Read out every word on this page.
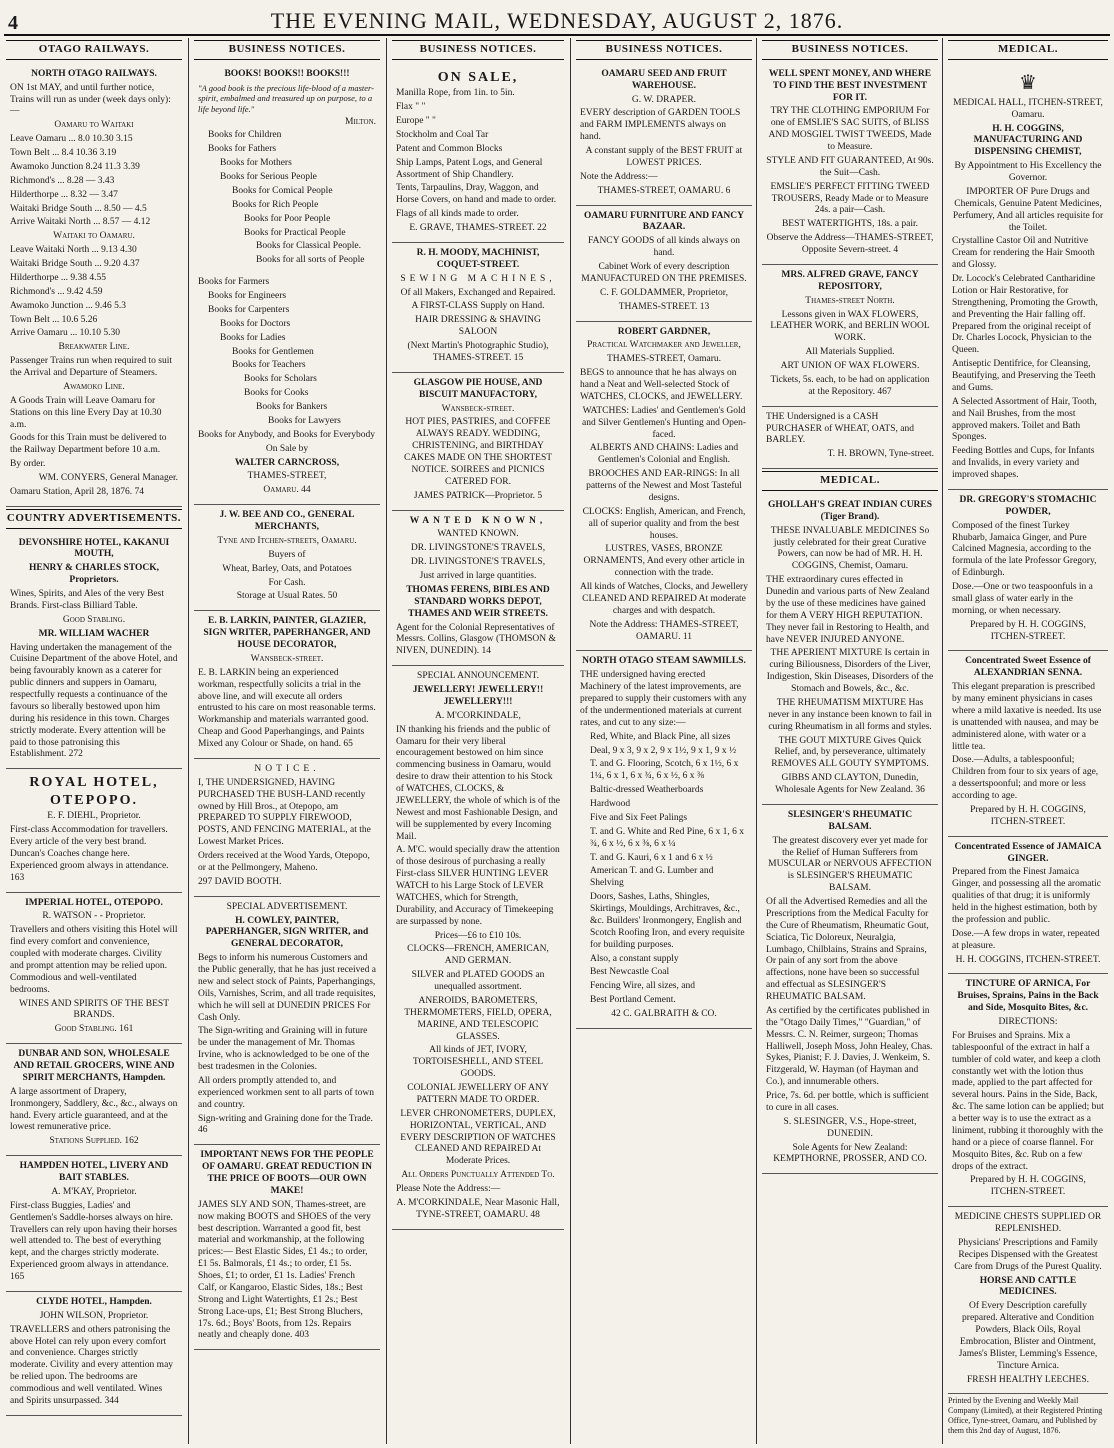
4	THE EVENING MAIL, WEDNESDAY, AUGUST 2, 1876.
OTAGO RAILWAYS.

NORTH OTAGO RAILWAYS.

ON 1st MAY, and until further notice, Trains will run as under (week days only):—

Oamaru to Waitaki

Leave Oamaru ... 8.0 10.30 3.15

Town Belt ... 8.4 10.36 3.19

Awamoko Junction 8.24 11.3 3.39

Richmond's ... 8.28 — 3.43

Hilderthorpe ... 8.32 — 3.47

Waitaki Bridge South ... 8.50 — 4.5

Arrive Waitaki North ... 8.57 — 4.12

Waitaki to Oamaru.

Leave Waitaki North ... 9.13 4.30

Waitaki Bridge South ... 9.20 4.37

Hilderthorpe ... 9.38 4.55

Richmond's ... 9.42 4.59

Awamoko Junction ... 9.46 5.3

Town Belt ... 10.6 5.26

Arrive Oamaru ... 10.10 5.30

Breakwater Line.

Passenger Trains run when required to suit the Arrival and Departure of Steamers.

Awamoko Line.

A Goods Train will Leave Oamaru for Stations on this line Every Day at 10.30 a.m.

Goods for this Train must be delivered to the Railway Department before 10 a.m.

By order.

WM. CONYERS, General Manager.

Oamaru Station, April 28, 1876. 74

COUNTRY ADVERTISEMENTS.

DEVONSHIRE HOTEL, KAKANUI MOUTH,

HENRY & CHARLES STOCK, Proprietors.

Wines, Spirits, and Ales of the very Best Brands. First-class Billiard Table.

Good Stabling.

MR. WILLIAM WACHER

Having undertaken the management of the Cuisine Department of the above Hotel, and being favourably known as a caterer for public dinners and suppers in Oamaru, respectfully requests a continuance of the favours so liberally bestowed upon him during his residence in this town. Charges strictly moderate. Every attention will be paid to those patronising this Establishment. 272

ROYAL HOTEL, OTEPOPO.

E. F. DIEHL, Proprietor.

First-class Accommodation for travellers. Every article of the very best brand. Duncan's Coaches change here. Experienced groom always in attendance. 163

IMPERIAL HOTEL, OTEPOPO.

R. WATSON - - Proprietor.

Travellers and others visiting this Hotel will find every comfort and convenience, coupled with moderate charges. Civility and prompt attention may be relied upon. Commodious and well-ventilated bedrooms.

WINES AND SPIRITS OF THE BEST BRANDS.

Good Stabling. 161

DUNBAR AND SON, WHOLESALE AND RETAIL GROCERS, WINE AND SPIRIT MERCHANTS, Hampden.

A large assortment of Drapery, Ironmongery, Saddlery, &c., &c., always on hand. Every article guaranteed, and at the lowest remunerative price.

Stations Supplied. 162

HAMPDEN HOTEL, LIVERY AND BAIT STABLES.

A. M'KAY, Proprietor.

First-class Buggies, Ladies' and Gentlemen's Saddle-horses always on hire. Travellers can rely upon having their horses well attended to. The best of everything kept, and the charges strictly moderate. Experienced groom always in attendance. 165

CLYDE HOTEL, Hampden.

JOHN WILSON, Proprietor.

TRAVELLERS and others patronising the above Hotel can rely upon every comfort and convenience. Charges strictly moderate. Civility and every attention may be relied upon. The bedrooms are commodious and well ventilated. Wines and Spirits unsurpassed. 344

BUSINESS NOTICES.

BOOKS! BOOKS!! BOOKS!!!

"A good book is the precious life-blood of a master-spirit, embalmed and treasured up on purpose, to a life beyond life."

Milton.

Books for Children

Books for Fathers

Books for Mothers

Books for Serious People

Books for Comical People

Books for Rich People

Books for Poor People

Books for Practical People

Books for Classical People.

Books for all sorts of People

Books for Farmers

Books for Engineers

Books for Carpenters

Books for Doctors

Books for Ladies

Books for Gentlemen

Books for Teachers

Books for Scholars

Books for Cooks

Books for Bankers

Books for Lawyers

Books for Anybody, and Books for Everybody

On Sale by

WALTER CARNCROSS,

THAMES-STREET,

Oamaru. 44

J. W. BEE AND CO., GENERAL MERCHANTS,

Tyne and Itchen-streets, Oamaru.

Buyers of

Wheat, Barley, Oats, and Potatoes

For Cash.

Storage at Usual Rates. 50

E. B. LARKIN, PAINTER, GLAZIER, SIGN WRITER, PAPERHANGER, AND HOUSE DECORATOR,

Wansbeck-street.

E. B. LARKIN being an experienced workman, respectfully solicits a trial in the above line, and will execute all orders entrusted to his care on most reasonable terms. Workmanship and materials warranted good. Cheap and Good Paperhangings, and Paints Mixed any Colour or Shade, on hand. 65

NOTICE.

I, THE UNDERSIGNED, HAVING PURCHASED THE BUSH-LAND recently owned by Hill Bros., at Otepopo, am PREPARED TO SUPPLY FIREWOOD, POSTS, AND FENCING MATERIAL, at the Lowest Market Prices.

Orders received at the Wood Yards, Otepopo, or at the Pellmongery, Maheno.

297 DAVID BOOTH.

SPECIAL ADVERTISEMENT.

H. COWLEY, PAINTER, PAPERHANGER, SIGN WRITER, and GENERAL DECORATOR,

Begs to inform his numerous Customers and the Public generally, that he has just received a new and select stock of Paints, Paperhangings, Oils, Varnishes, Scrim, and all trade requisites, which he will sell at DUNEDIN PRICES For Cash Only.

The Sign-writing and Graining will in future be under the management of Mr. Thomas Irvine, who is acknowledged to be one of the best tradesmen in the Colonies.

All orders promptly attended to, and experienced workmen sent to all parts of town and country.

Sign-writing and Graining done for the Trade. 46

IMPORTANT NEWS FOR THE PEOPLE OF OAMARU. GREAT REDUCTION IN THE PRICE OF BOOTS—OUR OWN MAKE!

JAMES SLY AND SON, Thames-street, are now making BOOTS and SHOES of the very best description. Warranted a good fit, best material and workmanship, at the following prices:— Best Elastic Sides, £1 4s.; to order, £1 5s. Balmorals, £1 4s.; to order, £1 5s. Shoes, £1; to order, £1 1s. Ladies' French Calf, or Kangaroo, Elastic Sides, 18s.; Best Strong and Light Watertights, £1 2s.; Best Strong Lace-ups, £1; Best Strong Bluchers, 17s. 6d.; Boys' Boots, from 12s. Repairs neatly and cheaply done. 403

BUSINESS NOTICES.

ON SALE,

Manilla Rope, from 1in. to 5in.

Flax " "

Europe " "

Stockholm and Coal Tar

Patent and Common Blocks

Ship Lamps, Patent Logs, and General Assortment of Ship Chandlery.

Tents, Tarpaulins, Dray, Waggon, and Horse Covers, on hand and made to order.

Flags of all kinds made to order.

E. GRAVE, THAMES-STREET. 22

R. H. MOODY, MACHINIST, COQUET-STREET.

SEWING MACHINES,

Of all Makers, Exchanged and Repaired.

A FIRST-CLASS Supply on Hand.

HAIR DRESSING & SHAVING SALOON

(Next Martin's Photographic Studio), THAMES-STREET. 15

GLASGOW PIE HOUSE, AND BISCUIT MANUFACTORY,

Wansbeck-street.

HOT PIES, PASTRIES, and COFFEE ALWAYS READY. WEDDING, CHRISTENING, and BIRTHDAY CAKES MADE ON THE SHORTEST NOTICE. SOIREES and PICNICS CATERED FOR.

JAMES PATRICK—Proprietor. 5

WANTED KNOWN,

WANTED KNOWN.

DR. LIVINGSTONE'S TRAVELS,

DR. LIVINGSTONE'S TRAVELS,

Just arrived in large quantities.

THOMAS FERENS, BIBLES AND STANDARD WORKS DEPOT, THAMES AND WEIR STREETS.

Agent for the Colonial Representatives of Messrs. Collins, Glasgow (THOMSON & NIVEN, DUNEDIN). 14

SPECIAL ANNOUNCEMENT.

JEWELLERY! JEWELLERY!! JEWELLERY!!!

A. M'CORKINDALE,

IN thanking his friends and the public of Oamaru for their very liberal encouragement bestowed on him since commencing business in Oamaru, would desire to draw their attention to his Stock of WATCHES, CLOCKS, & JEWELLERY, the whole of which is of the Newest and most Fashionable Design, and will be supplemented by every Incoming Mail.

A. M'C. would specially draw the attention of those desirous of purchasing a really First-class SILVER HUNTING LEVER WATCH to his Large Stock of LEVER WATCHES, which for Strength, Durability, and Accuracy of Timekeeping are surpassed by none.

Prices—£6 to £10 10s.

CLOCKS—FRENCH, AMERICAN, AND GERMAN.

SILVER and PLATED GOODS an unequalled assortment.

ANEROIDS, BAROMETERS, THERMOMETERS, FIELD, OPERA, MARINE, AND TELESCOPIC GLASSES.

All kinds of JET, IVORY, TORTOISESHELL, AND STEEL GOODS.

COLONIAL JEWELLERY OF ANY PATTERN MADE TO ORDER.

LEVER CHRONOMETERS, DUPLEX, HORIZONTAL, VERTICAL, AND EVERY DESCRIPTION OF WATCHES CLEANED AND REPAIRED At Moderate Prices.

All Orders Punctually Attended To.

Please Note the Address:—

A. M'CORKINDALE, Near Masonic Hall, TYNE-STREET, OAMARU. 48

BUSINESS NOTICES.

OAMARU SEED AND FRUIT WAREHOUSE.

G. W. DRAPER.

EVERY description of GARDEN TOOLS and FARM IMPLEMENTS always on hand.

A constant supply of the BEST FRUIT at LOWEST PRICES.

Note the Address:—

THAMES-STREET, OAMARU. 6

OAMARU FURNITURE AND FANCY BAZAAR.

FANCY GOODS of all kinds always on hand.

Cabinet Work of every description MANUFACTURED ON THE PREMISES.

C. F. GOLDAMMER, Proprietor,

THAMES-STREET. 13

ROBERT GARDNER,

Practical Watchmaker and Jeweller,

THAMES-STREET, Oamaru.

BEGS to announce that he has always on hand a Neat and Well-selected Stock of WATCHES, CLOCKS, and JEWELLERY.

WATCHES: Ladies' and Gentlemen's Gold and Silver Gentlemen's Hunting and Open-faced.

ALBERTS AND CHAINS: Ladies and Gentlemen's Colonial and English.

BROOCHES AND EAR-RINGS: In all patterns of the Newest and Most Tasteful designs.

CLOCKS: English, American, and French, all of superior quality and from the best houses.

LUSTRES, VASES, BRONZE ORNAMENTS, And every other article in connection with the trade.

All kinds of Watches, Clocks, and Jewellery CLEANED AND REPAIRED At moderate charges and with despatch.

Note the Address: THAMES-STREET, OAMARU. 11

NORTH OTAGO STEAM SAWMILLS.

THE undersigned having erected Machinery of the latest improvements, are prepared to supply their customers with any of the undermentioned materials at current rates, and cut to any size:—

Red, White, and Black Pine, all sizes

Deal, 9 x 3, 9 x 2, 9 x 1½, 9 x 1, 9 x ½

T. and G. Flooring, Scotch, 6 x 1½, 6 x 1¼, 6 x 1, 6 x ¾, 6 x ½, 6 x ⅜

Baltic-dressed Weatherboards

Hardwood

Five and Six Feet Palings

T. and G. White and Red Pine, 6 x 1, 6 x ¾, 6 x ½, 6 x ⅜, 6 x ¼

T. and G. Kauri, 6 x 1 and 6 x ½

American T. and G. Lumber and Shelving

Doors, Sashes, Laths, Shingles, Skirtings, Mouldings, Architraves, &c., &c. Builders' Ironmongery, English and Scotch Roofing Iron, and every requisite for building purposes.

Also, a constant supply

Best Newcastle Coal

Fencing Wire, all sizes, and

Best Portland Cement.

42 C. GALBRAITH & CO.

BUSINESS NOTICES.

WELL SPENT MONEY, AND WHERE TO FIND THE BEST INVESTMENT FOR IT.

TRY THE CLOTHING EMPORIUM For one of EMSLIE'S SAC SUITS, of BLISS AND MOSGIEL TWIST TWEEDS, Made to Measure.

STYLE AND FIT GUARANTEED, At 90s. the Suit—Cash.

EMSLIE'S PERFECT FITTING TWEED TROUSERS, Ready Made or to Measure 24s. a pair—Cash.

BEST WATERTIGHTS, 18s. a pair.

Observe the Address—THAMES-STREET, Opposite Severn-street. 4

MRS. ALFRED GRAVE, FANCY REPOSITORY,

Thames-street North.

Lessons given in WAX FLOWERS, LEATHER WORK, and BERLIN WOOL WORK.

All Materials Supplied.

ART UNION OF WAX FLOWERS.

Tickets, 5s. each, to be had on application at the Repository. 467

THE Undersigned is a CASH PURCHASER of WHEAT, OATS, and BARLEY.

T. H. BROWN, Tyne-street.

MEDICAL.

GHOLLAH'S GREAT INDIAN CURES (Tiger Brand).

THESE INVALUABLE MEDICINES So justly celebrated for their great Curative Powers, can now be had of MR. H. H. COGGINS, Chemist, Oamaru.

THE extraordinary cures effected in Dunedin and various parts of New Zealand by the use of these medicines have gained for them A VERY HIGH REPUTATION. They never fail in Restoring to Health, and have NEVER INJURED ANYONE.

THE APERIENT MIXTURE Is certain in curing Biliousness, Disorders of the Liver, Indigestion, Skin Diseases, Disorders of the Stomach and Bowels, &c., &c.

THE RHEUMATISM MIXTURE Has never in any instance been known to fail in curing Rheumatism in all forms and styles.

THE GOUT MIXTURE Gives Quick Relief, and, by perseverance, ultimately REMOVES ALL GOUTY SYMPTOMS.

GIBBS AND CLAYTON, Dunedin, Wholesale Agents for New Zealand. 36

SLESINGER'S RHEUMATIC BALSAM.

The greatest discovery ever yet made for the Relief of Human Sufferers from MUSCULAR or NERVOUS AFFECTION is SLESINGER'S RHEUMATIC BALSAM.

Of all the Advertised Remedies and all the Prescriptions from the Medical Faculty for the Cure of Rheumatism, Rheumatic Gout, Sciatica, Tic Doloreux, Neuralgia, Lumbago, Chilblains, Strains and Sprains, Or pain of any sort from the above affections, none have been so successful and effectual as SLESINGER'S RHEUMATIC BALSAM.

As certified by the certificates published in the "Otago Daily Times," "Guardian," of Messrs. C. N. Reimer, surgeon; Thomas Halliwell, Joseph Moss, John Healey, Chas. Sykes, Pianist; F. J. Davies, J. Wenkeim, S. Fitzgerald, W. Hayman (of Hayman and Co.), and innumerable others.

Price, 7s. 6d. per bottle, which is sufficient to cure in all cases.

S. SLESINGER, V.S., Hope-street, DUNEDIN.

Sole Agents for New Zealand: KEMPTHORNE, PROSSER, AND CO.

MEDICAL.
♛

MEDICAL HALL, ITCHEN-STREET, Oamaru.

H. H. COGGINS, MANUFACTURING AND DISPENSING CHEMIST,

By Appointment to His Excellency the Governor.

IMPORTER OF Pure Drugs and Chemicals, Genuine Patent Medicines, Perfumery, And all articles requisite for the Toilet.

Crystalline Castor Oil and Nutritive Cream for rendering the Hair Smooth and Glossy.

Dr. Locock's Celebrated Cantharidine Lotion or Hair Restorative, for Strengthening, Promoting the Growth, and Preventing the Hair falling off. Prepared from the original receipt of Dr. Charles Locock, Physician to the Queen.

Antiseptic Dentifrice, for Cleansing, Beautifying, and Preserving the Teeth and Gums.

A Selected Assortment of Hair, Tooth, and Nail Brushes, from the most approved makers. Toilet and Bath Sponges.

Feeding Bottles and Cups, for Infants and Invalids, in every variety and improved shapes.

DR. GREGORY'S STOMACHIC POWDER,

Composed of the finest Turkey Rhubarb, Jamaica Ginger, and Pure Calcined Magnesia, according to the formula of the late Professor Gregory, of Edinburgh.

Dose.—One or two teaspoonfuls in a small glass of water early in the morning, or when necessary.

Prepared by H. H. COGGINS, ITCHEN-STREET.

Concentrated Sweet Essence of ALEXANDRIAN SENNA.

This elegant preparation is prescribed by many eminent physicians in cases where a mild laxative is needed. Its use is unattended with nausea, and may be administered alone, with water or a little tea.

Dose.—Adults, a tablespoonful; Children from four to six years of age, a dessertspoonful; and more or less according to age.

Prepared by H. H. COGGINS, ITCHEN-STREET.

Concentrated Essence of JAMAICA GINGER.

Prepared from the Finest Jamaica Ginger, and possessing all the aromatic qualities of that drug; it is uniformly held in the highest estimation, both by the profession and public.

Dose.—A few drops in water, repeated at pleasure.

H. H. COGGINS, ITCHEN-STREET.

TINCTURE OF ARNICA, For Bruises, Sprains, Pains in the Back and Side, Mosquito Bites, &c.

DIRECTIONS:

For Bruises and Sprains. Mix a tablespoonful of the extract in half a tumbler of cold water, and keep a cloth constantly wet with the lotion thus made, applied to the part affected for several hours. Pains in the Side, Back, &c. The same lotion can be applied; but a better way is to use the extract as a liniment, rubbing it thoroughly with the hand or a piece of coarse flannel. For Mosquito Bites, &c. Rub on a few drops of the extract.

Prepared by H. H. COGGINS, ITCHEN-STREET.

MEDICINE CHESTS SUPPLIED OR REPLENISHED.

Physicians' Prescriptions and Family Recipes Dispensed with the Greatest Care from Drugs of the Purest Quality.

HORSE AND CATTLE MEDICINES.

Of Every Description carefully prepared. Alterative and Condition Powders, Black Oils, Royal Embrocation, Blister and Ointment, James's Blister, Lemming's Essence, Tincture Arnica.

FRESH HEALTHY LEECHES.

Printed by the Evening and Weekly Mail Company (Limited), at their Registered Printing Office, Tyne-street, Oamaru, and Published by them this 2nd day of August, 1876.
